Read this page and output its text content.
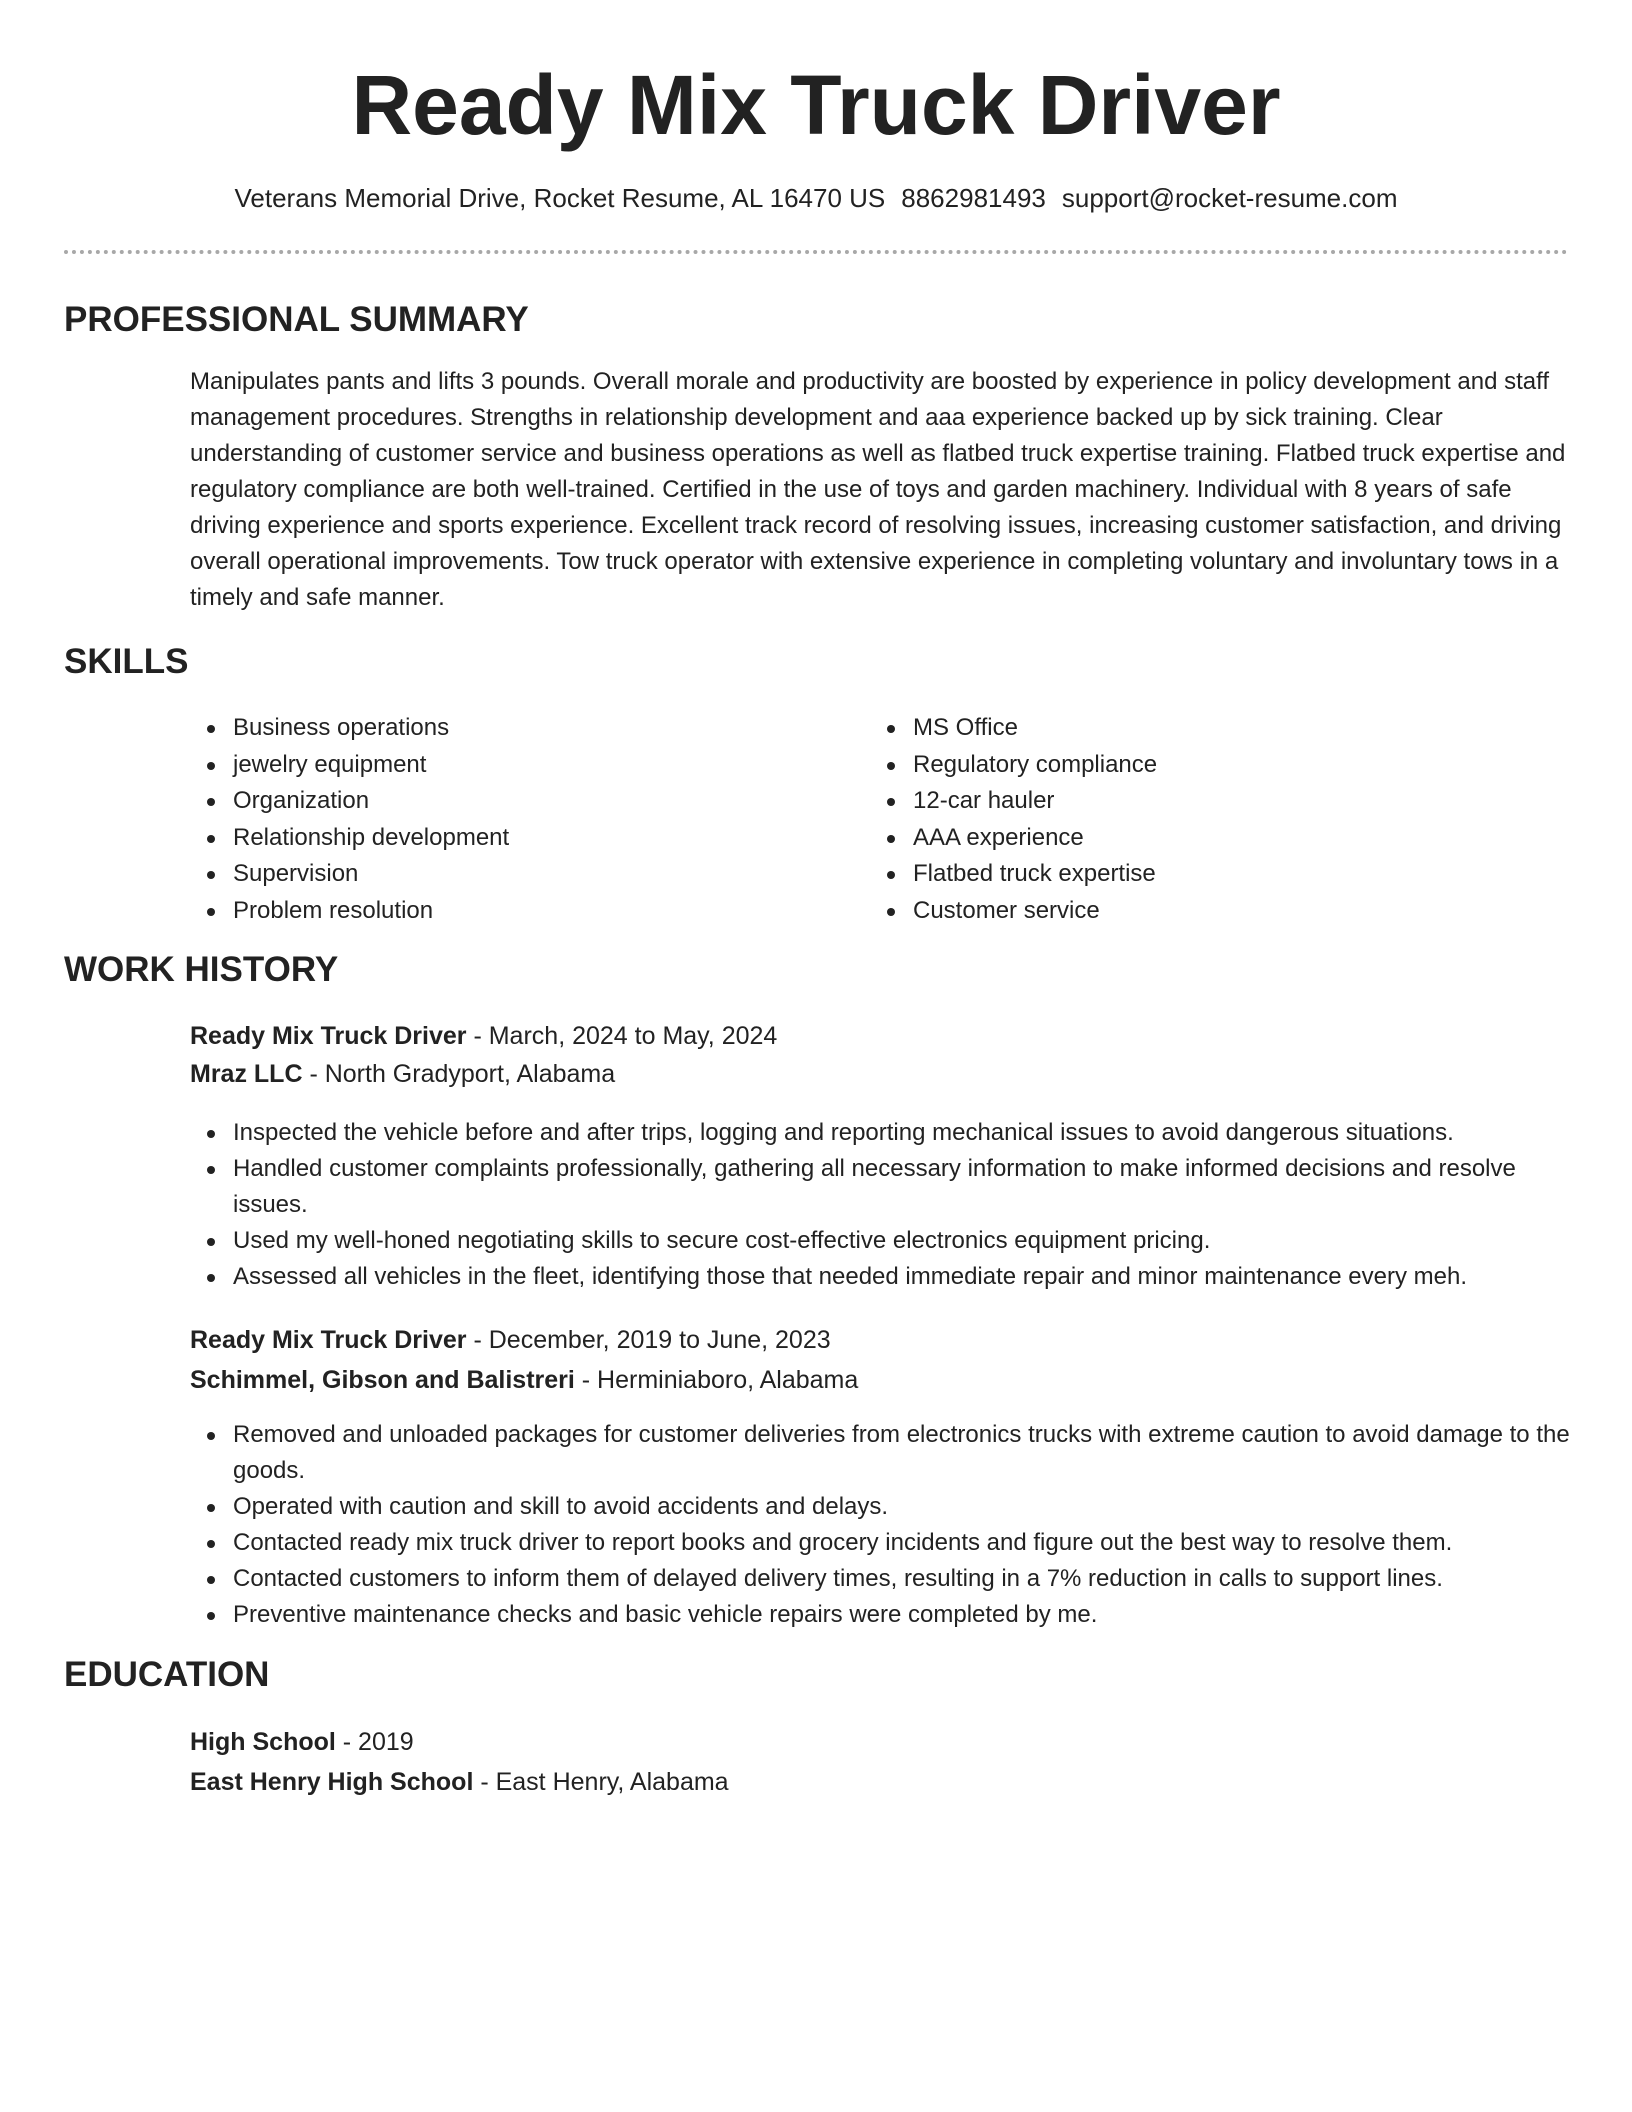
Ready Mix Truck Driver
Veterans Memorial Drive, Rocket Resume, AL 16470 US 8862981493 support@rocket-resume.com
PROFESSIONAL SUMMARY

Manipulates pants and lifts 3 pounds. Overall morale and productivity are boosted by experience in policy development and staff management procedures. Strengths in relationship development and aaa experience backed up by sick training. Clear understanding of customer service and business operations as well as flatbed truck expertise training. Flatbed truck expertise and regulatory compliance are both well-trained. Certified in the use of toys and garden machinery. Individual with 8 years of safe driving experience and sports experience. Excellent track record of resolving issues, increasing customer satisfaction, and driving overall operational improvements. Tow truck operator with extensive experience in completing voluntary and involuntary tows in a timely and safe manner.

SKILLS
Business operations
jewelry equipment
Organization
Relationship development
Supervision
Problem resolution
MS Office
Regulatory compliance
12-car hauler
AAA experience
Flatbed truck expertise
Customer service
WORK HISTORY
Ready Mix Truck Driver - March, 2024 to May, 2024
Mraz LLC - North Gradyport, Alabama
Inspected the vehicle before and after trips, logging and reporting mechanical issues to avoid dangerous situations.
Handled customer complaints professionally, gathering all necessary information to make informed decisions and resolve issues.
Used my well-honed negotiating skills to secure cost-effective electronics equipment pricing.
Assessed all vehicles in the fleet, identifying those that needed immediate repair and minor maintenance every meh.
Ready Mix Truck Driver - December, 2019 to June, 2023
Schimmel, Gibson and Balistreri - Herminiaboro, Alabama
Removed and unloaded packages for customer deliveries from electronics trucks with extreme caution to avoid damage to the goods.
Operated with caution and skill to avoid accidents and delays.
Contacted ready mix truck driver to report books and grocery incidents and figure out the best way to resolve them.
Contacted customers to inform them of delayed delivery times, resulting in a 7% reduction in calls to support lines.
Preventive maintenance checks and basic vehicle repairs were completed by me.
EDUCATION
High School - 2019
East Henry High School - East Henry, Alabama
